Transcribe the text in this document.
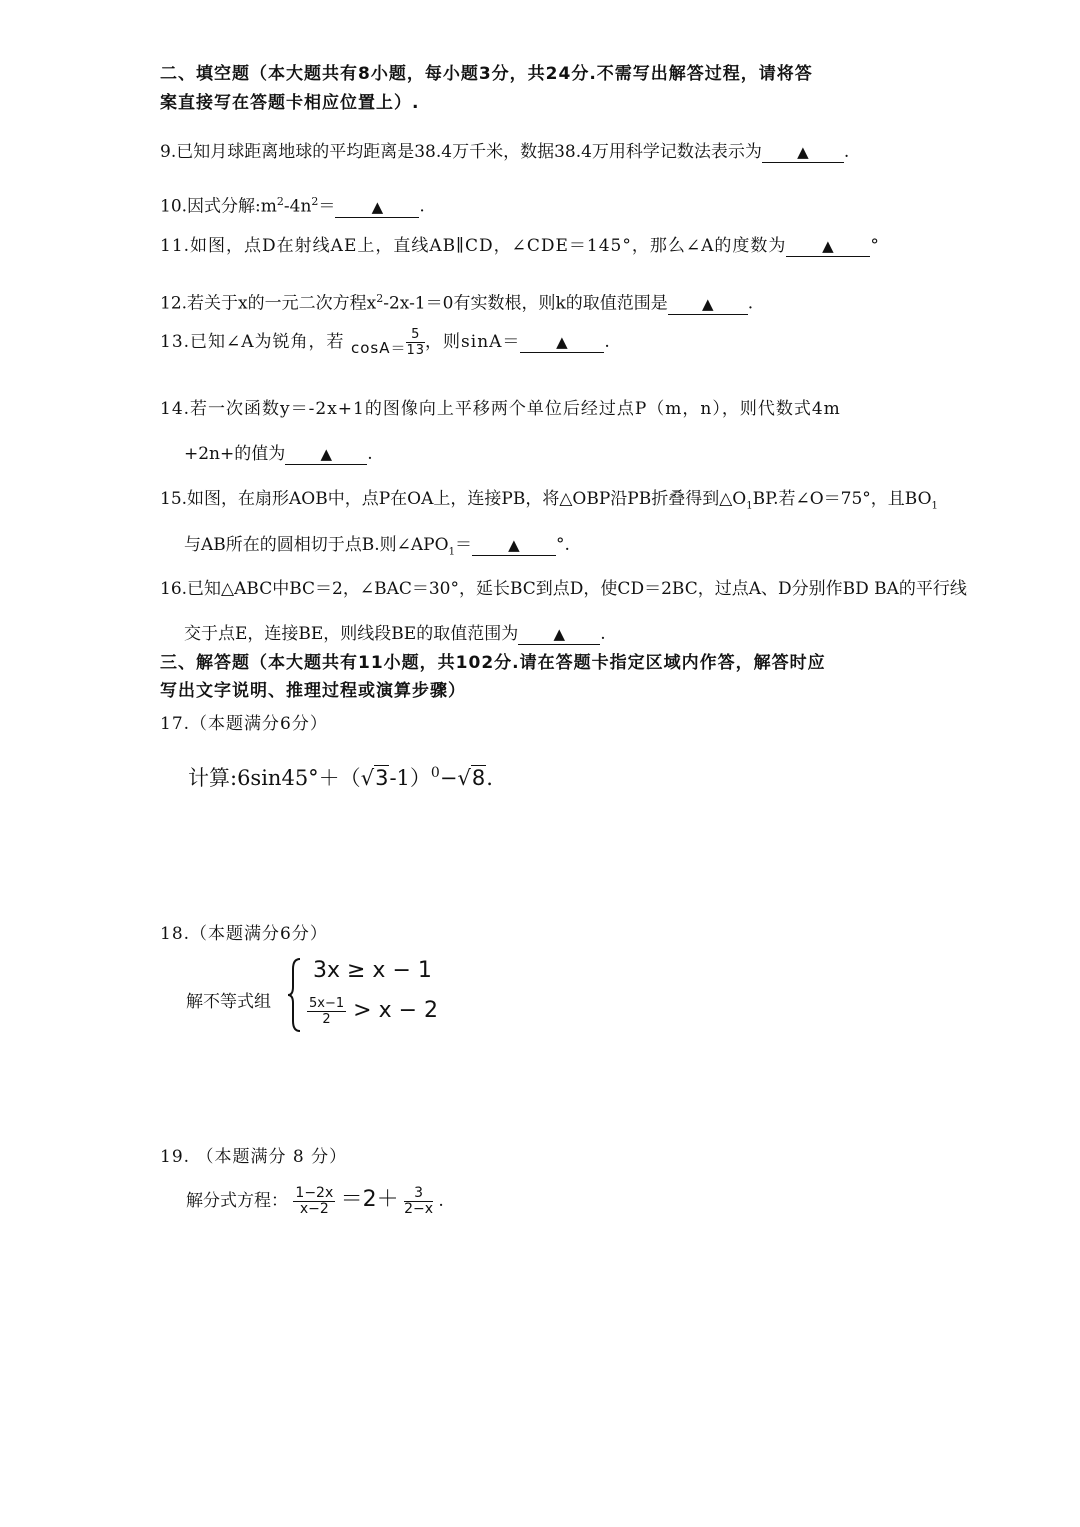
二、填空题（本大题共有8小题，每小题3分，共24分.不需写出解答过程，请将答
案直接写在答题卡相应位置上）.
9.已知月球距离地球的平均距离是38.4万千米，数据38.4万用科学记数法表示为 ▲ .
10.因式分解$:m^2-4n^2=$ ▲ .
11.如图，点D在射线AE上，直线AB∥CD，∠CDE＝145°，那么∠A的度数为 ▲ °
12.若关于x的一元二次方程$x^2-2x-1=0$有实数根，则k的取值范围是 ▲ .
13.已知∠A为锐角，若 $\cos A= \frac{5}{13}$ ，则sinA＝ ▲ .
14.若一次函数y＝-2x+1的图像向上平移两个单位后经过点P（m，n），则代数式4m
+2n+的值为 ▲ .
15.如图，在扇形AOB中，点P在OA上，连接PB，将△OBP沿PB折叠得到$\triangle O_1BP$.若∠O＝75°，且$BO_1$
与AB所在的圆相切于点B.则$\angle APO_1=$ ▲ °.
16.已知△ABC中BC＝2，∠BAC＝30°，延长BC到点D，使CD＝2BC，过点A、D分别作BD BA的平行线
交于点E，连接BE，则线段BE的取值范围为 ▲ .
三、解答题（本大题共有11小题，共102分.请在答题卡指定区域内作答，解答时应
写出文字说明、推理过程或演算步骤）
17.（本题满分6分）
计算$:6\sin 45^\circ+(√3-1)^0-√8$.
18.（本题满分6分）
解不等式组
3x ≥ x − 1
$\frac{5x-1}{2} > x - 2$
19. （本题满分 8 分）
解分式方程： $\frac{1-2x}{x-2} =2+ \frac{3}{2-x}$ .
